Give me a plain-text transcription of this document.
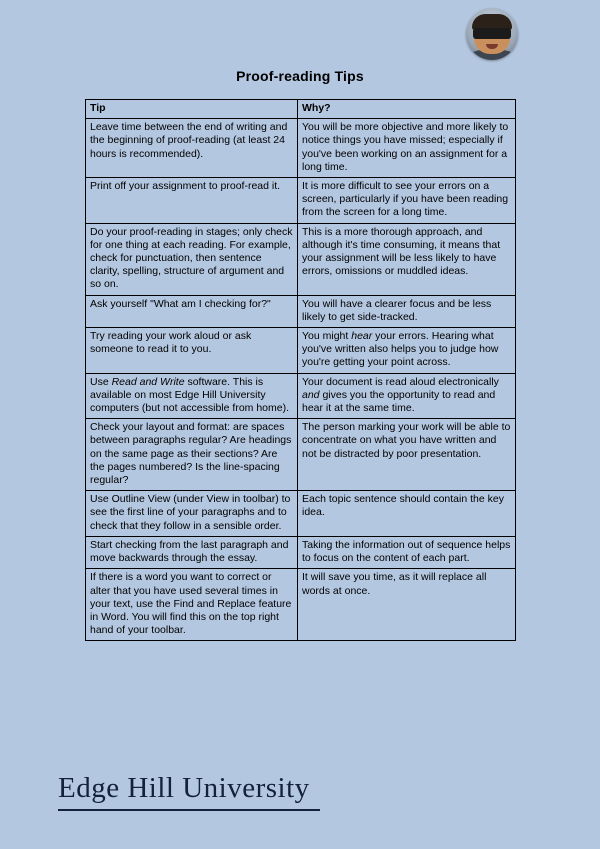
Proof-reading Tips
Tip	Why?
Leave time between the end of writing and the beginning of proof-reading (at least 24 hours is recommended).	You will be more objective and more likely to notice things you have missed; especially if you've been working on an assignment for a long time.
Print off your assignment to proof-read it.	It is more difficult to see your errors on a screen, particularly if you have been reading from the screen for a long time.
Do your proof-reading in stages; only check for one thing at each reading. For example, check for punctuation, then sentence clarity, spelling, structure of argument and so on.	This is a more thorough approach, and although it's time consuming, it means that your assignment will be less likely to have errors, omissions or muddled ideas.
Ask yourself "What am I checking for?"	You will have a clearer focus and be less likely to get side-tracked.
Try reading your work aloud or ask someone to read it to you.	You might hear your errors. Hearing what you've written also helps you to judge how you're getting your point across.
Use Read and Write software. This is available on most Edge Hill University computers (but not accessible from home).	Your document is read aloud electronically and gives you the opportunity to read and hear it at the same time.
Check your layout and format: are spaces between paragraphs regular? Are headings on the same page as their sections? Are the pages numbered? Is the line-spacing regular?	The person marking your work will be able to concentrate on what you have written and not be distracted by poor presentation.
Use Outline View (under View in toolbar) to see the first line of your paragraphs and to check that they follow in a sensible order.	Each topic sentence should contain the key idea.
Start checking from the last paragraph and move backwards through the essay.	Taking the information out of sequence helps to focus on the content of each part.
If there is a word you want to correct or alter that you have used several times in your text, use the Find and Replace feature in Word. You will find this on the top right hand of your toolbar.	It will save you time, as it will replace all words at once.
Edge Hill University
